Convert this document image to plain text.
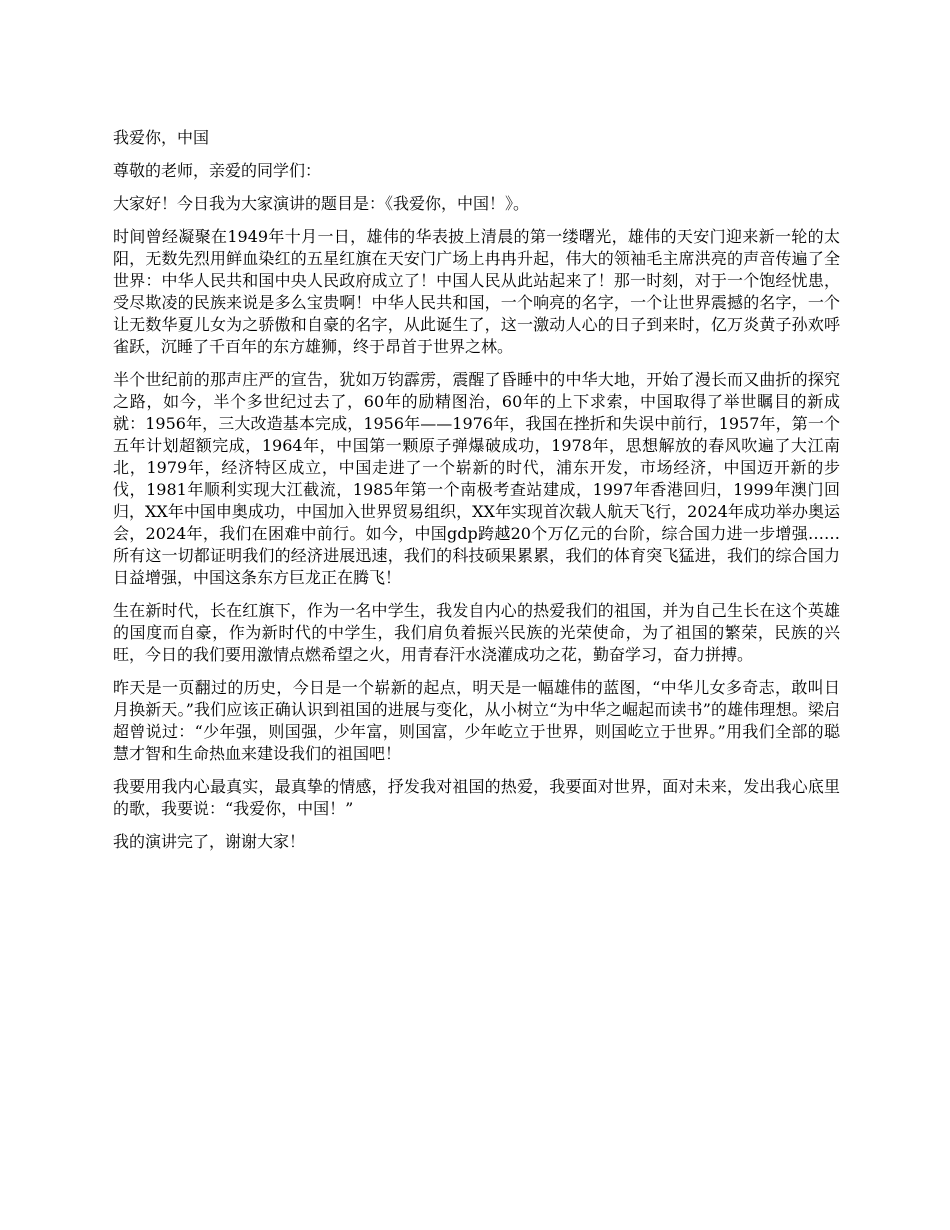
我爱你，中国

尊敬的老师，亲爱的同学们：

大家好！今日我为大家演讲的题目是：《我爱你，中国！》。

时间曾经凝聚在1949年十月一日，雄伟的华表披上清晨的第一缕曙光，雄伟的天安门迎来新一轮的太阳，无数先烈用鲜血染红的五星红旗在天安门广场上冉冉升起，伟大的领袖毛主席洪亮的声音传遍了全世界：中华人民共和国中央人民政府成立了！中国人民从此站起来了！那一时刻，对于一个饱经忧患，受尽欺凌的民族来说是多么宝贵啊！中华人民共和国，一个响亮的名字，一个让世界震撼的名字，一个让无数华夏儿女为之骄傲和自豪的名字，从此诞生了，这一激动人心的日子到来时，亿万炎黄子孙欢呼雀跃，沉睡了千百年的东方雄狮，终于昂首于世界之林。

半个世纪前的那声庄严的宣告，犹如万钧霹雳，震醒了昏睡中的中华大地，开始了漫长而又曲折的探究之路，如今，半个多世纪过去了，60年的励精图治，60年的上下求索，中国取得了举世瞩目的新成就：1956年，三大改造基本完成，1956年——1976年，我国在挫折和失误中前行，1957年，第一个五年计划超额完成，1964年，中国第一颗原子弹爆破成功，1978年，思想解放的春风吹遍了大江南北，1979年，经济特区成立，中国走进了一个崭新的时代，浦东开发，市场经济，中国迈开新的步伐，1981年顺利实现大江截流，1985年第一个南极考查站建成，1997年香港回归，1999年澳门回归，XX年中国申奥成功，中国加入世界贸易组织，XX年实现首次载人航天飞行，2024年成功举办奥运会，2024年，我们在困难中前行。如今，中国gdp跨越20个万亿元的台阶，综合国力进一步增强……所有这一切都证明我们的经济进展迅速，我们的科技硕果累累，我们的体育突飞猛进，我们的综合国力日益增强，中国这条东方巨龙正在腾飞！

生在新时代，长在红旗下，作为一名中学生，我发自内心的热爱我们的祖国，并为自己生长在这个英雄的国度而自豪，作为新时代的中学生，我们肩负着振兴民族的光荣使命，为了祖国的繁荣，民族的兴旺，今日的我们要用激情点燃希望之火，用青春汗水浇灌成功之花，勤奋学习，奋力拼搏。

昨天是一页翻过的历史，今日是一个崭新的起点，明天是一幅雄伟的蓝图，“中华儿女多奇志，敢叫日月换新天。”我们应该正确认识到祖国的进展与变化，从小树立“为中华之崛起而读书”的雄伟理想。梁启超曾说过：“少年强，则国强，少年富，则国富，少年屹立于世界，则国屹立于世界。”用我们全部的聪慧才智和生命热血来建设我们的祖国吧！

我要用我内心最真实，最真挚的情感，抒发我对祖国的热爱，我要面对世界，面对未来，发出我心底里的歌，我要说：“我爱你，中国！”

我的演讲完了，谢谢大家！
